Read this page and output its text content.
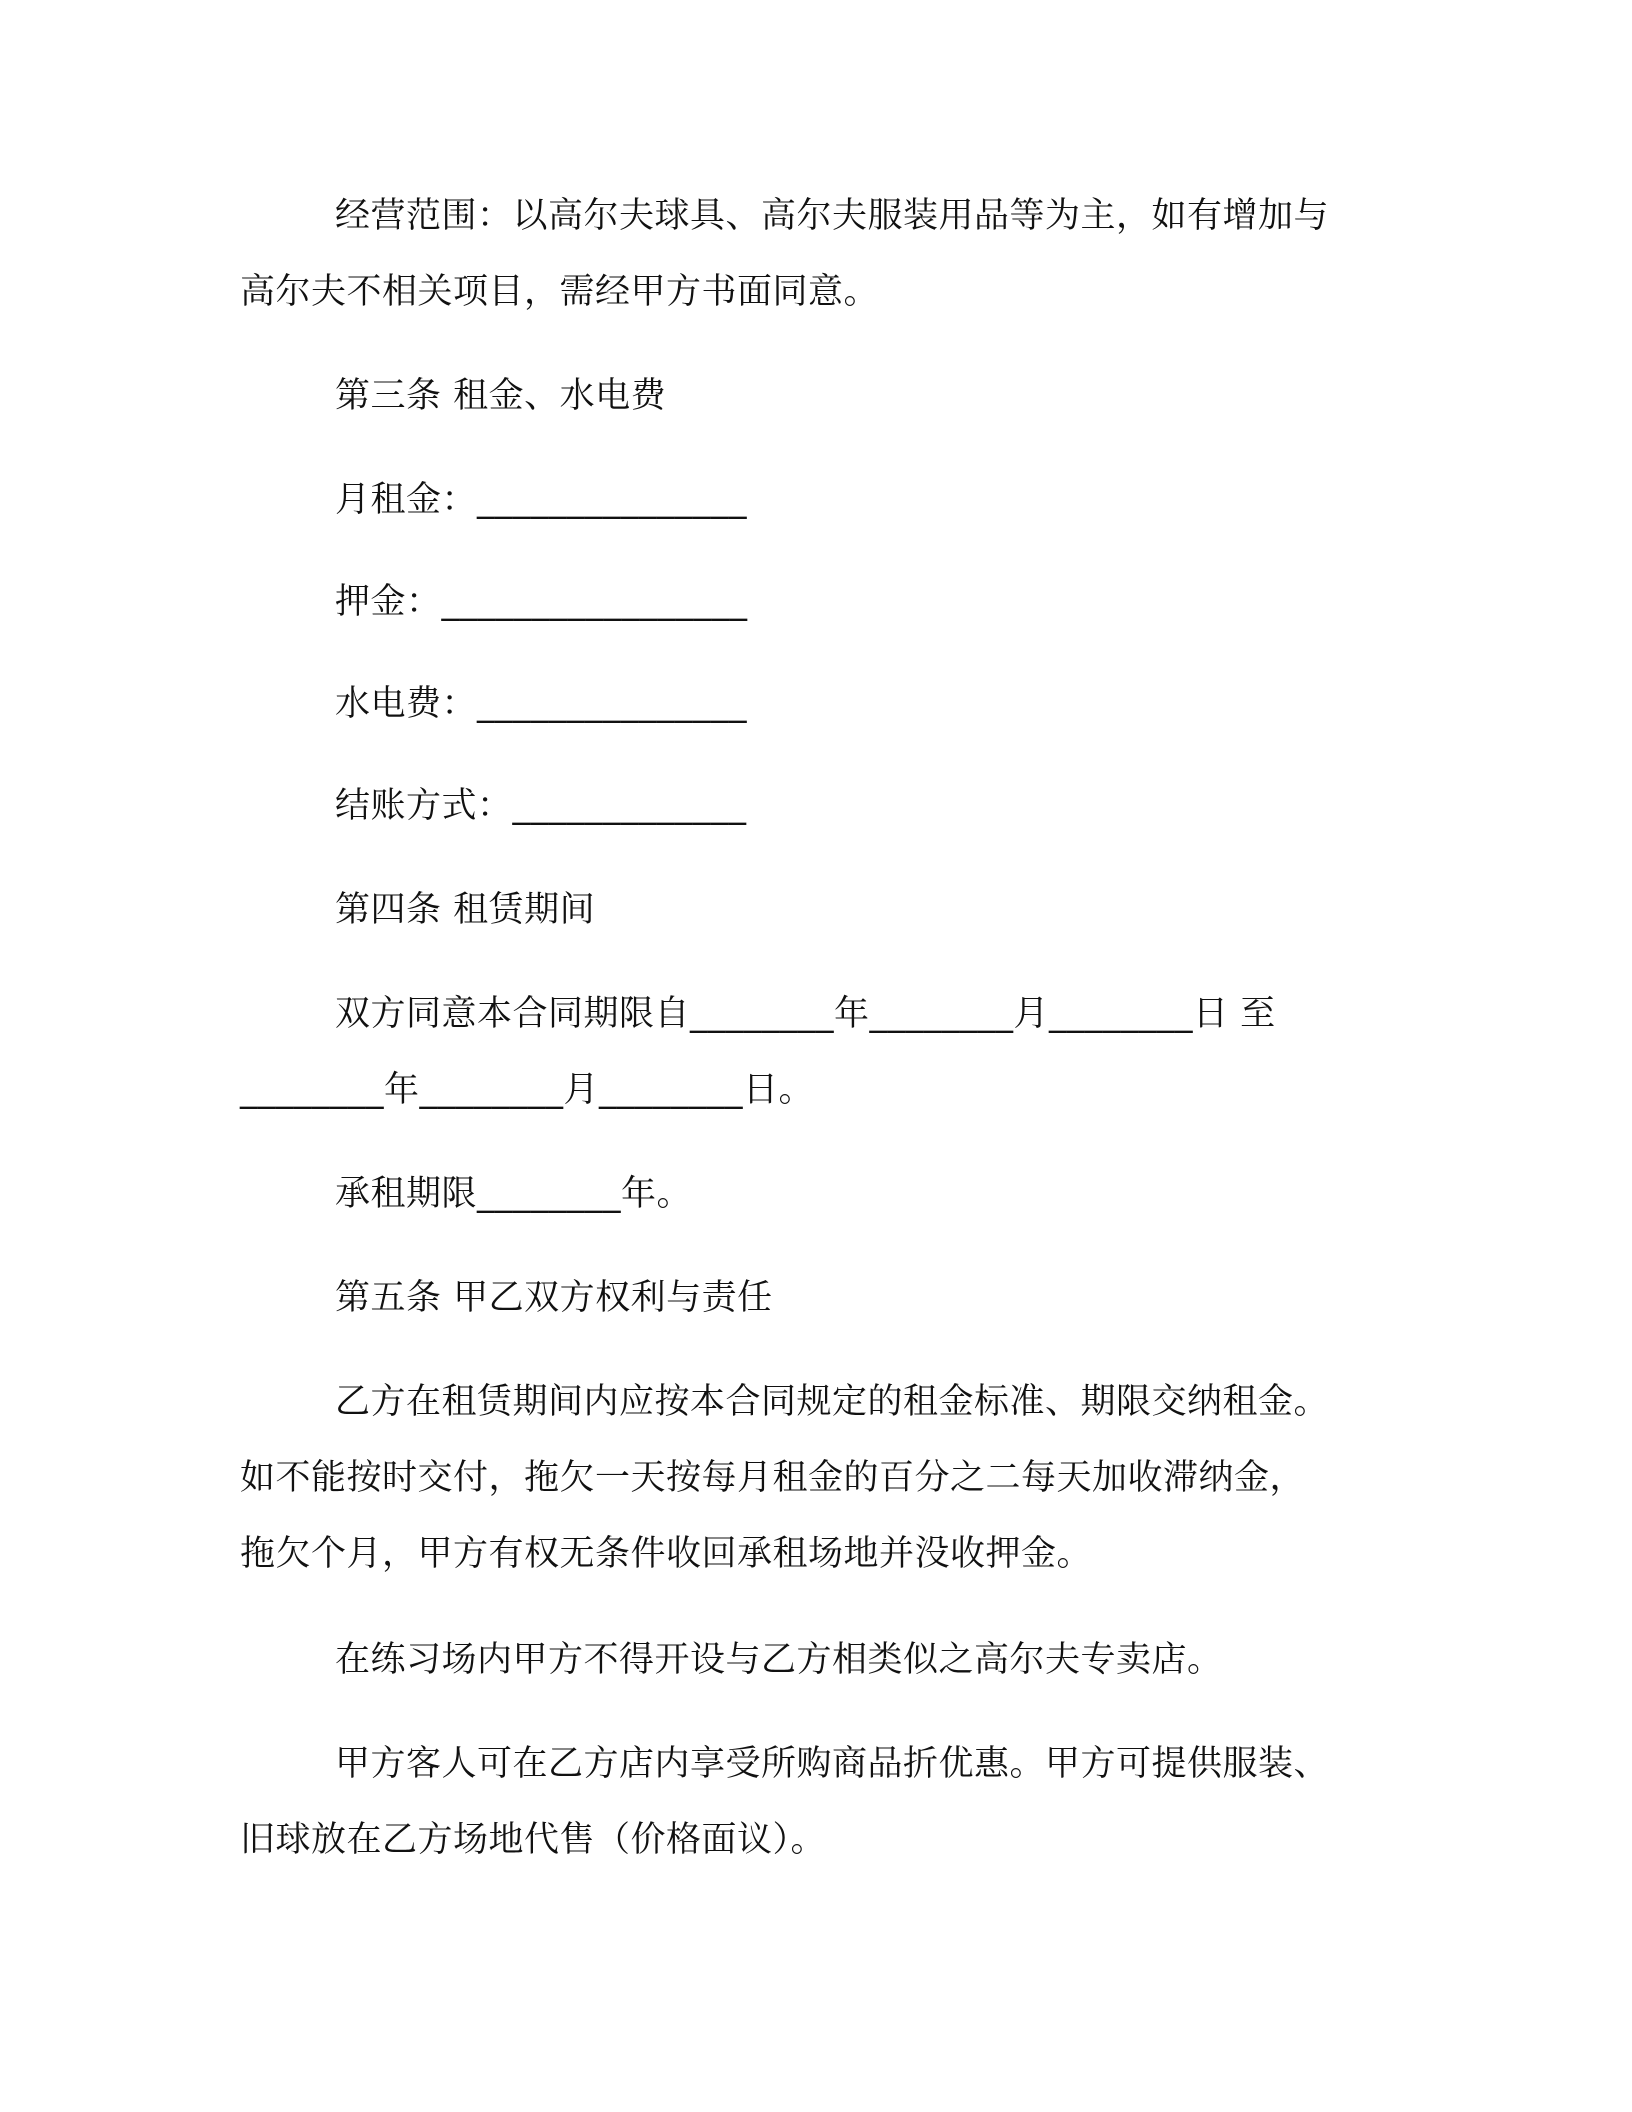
经营范围：以高尔夫球具、高尔夫服装用品等为主，如有增加与
高尔夫不相关项目，需经甲方书面同意。
第三条 租金、水电费
月租金：_______________
押金：_________________
水电费：_______________
结账方式：_____________
第四条 租赁期间
双方同意本合同期限自________年________月________日 至
________年________月________日。
承租期限________年。
第五条 甲乙双方权利与责任
乙方在租赁期间内应按本合同规定的租金标准、期限交纳租金。
如不能按时交付，拖欠一天按每月租金的百分之二每天加收滞纳金，
拖欠个月，甲方有权无条件收回承租场地并没收押金。
在练习场内甲方不得开设与乙方相类似之高尔夫专卖店。
甲方客人可在乙方店内享受所购商品折优惠。甲方可提供服装、
旧球放在乙方场地代售（价格面议）。
